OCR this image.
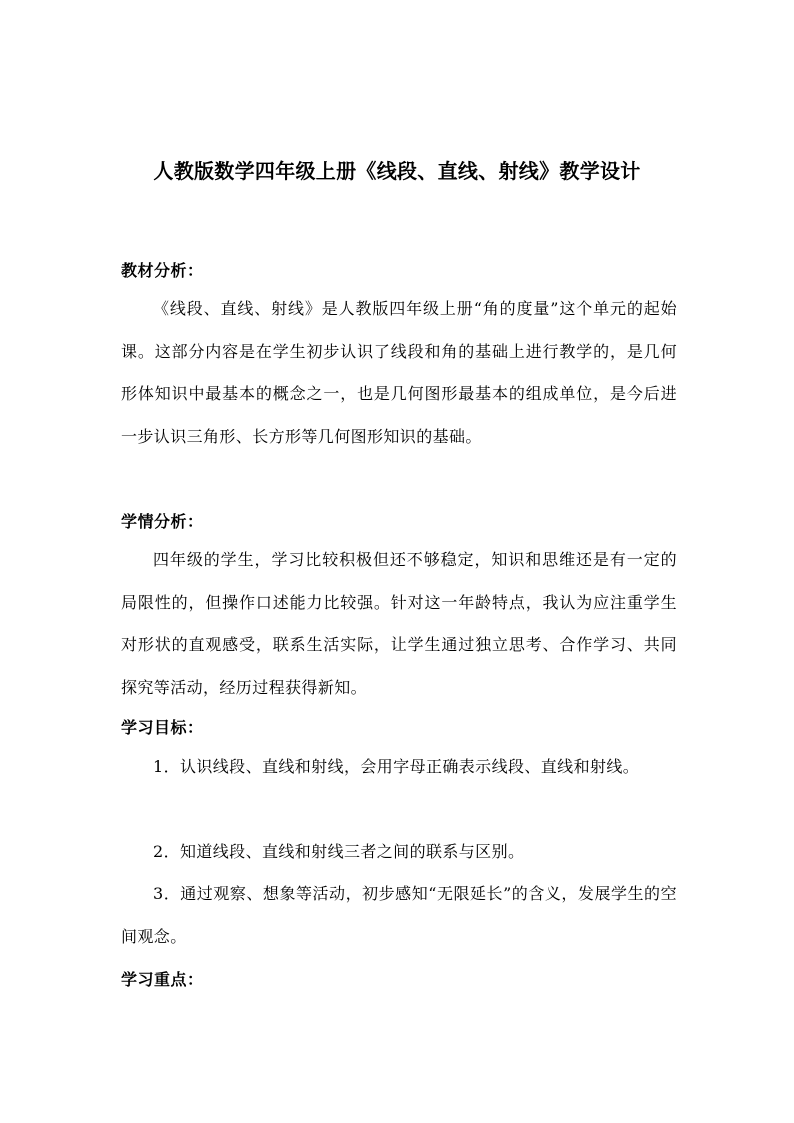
人教版数学四年级上册《线段、直线、射线》教学设计
教材分析：

《线段、直线、射线》是人教版四年级上册“角的度量”这个单元的起始课。这部分内容是在学生初步认识了线段和角的基础上进行教学的，是几何形体知识中最基本的概念之一，也是几何图形最基本的组成单位，是今后进一步认识三角形、长方形等几何图形知识的基础。

学情分析：

四年级的学生，学习比较积极但还不够稳定，知识和思维还是有一定的局限性的，但操作口述能力比较强。针对这一年龄特点，我认为应注重学生对形状的直观感受，联系生活实际，让学生通过独立思考、合作学习、共同探究等活动，经历过程获得新知。

学习目标：

1．认识线段、直线和射线，会用字母正确表示线段、直线和射线。

2．知道线段、直线和射线三者之间的联系与区别。

3．通过观察、想象等活动，初步感知“无限延长”的含义，发展学生的空间观念。

学习重点：
